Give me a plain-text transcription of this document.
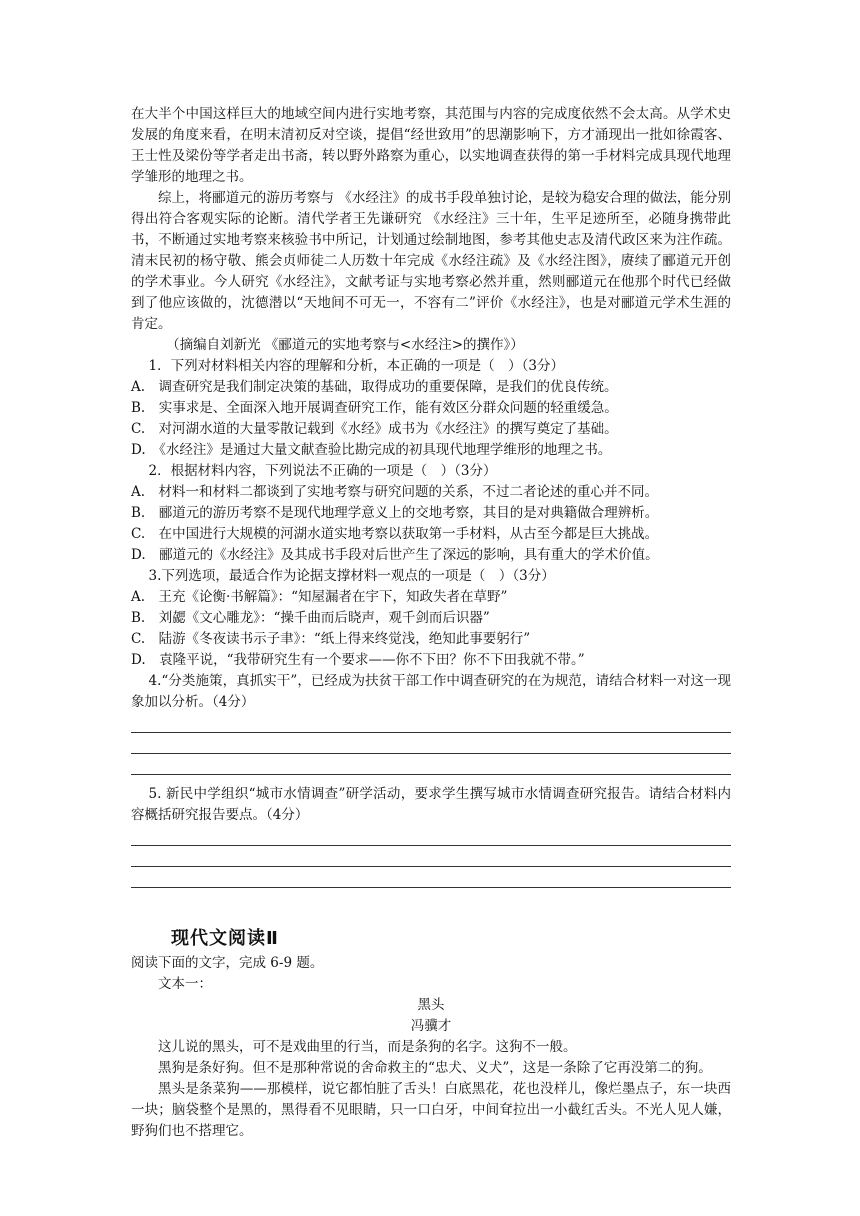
在大半个中国这样巨大的地域空间内进行实地考察，其范围与内容的完成度依然不会太高。从学术史发展的角度来看，在明末清初反对空谈，提倡“经世致用”的思潮影响下，方才涌现出一批如徐霞客、王士性及梁份等学者走出书斋，转以野外路察为重心，以实地调查获得的第一手材料完成具现代地理学雏形的地理之书。

综上，将郦道元的游历考察与 《水经注》的成书手段单独讨论，是较为稳安合理的做法，能分别得出符合客观实际的论断。清代学者王先谦研究 《水经注》三十年，生平足迹所至，必随身携带此书，不断通过实地考察来核验书中所记，计划通过绘制地图，参考其他史志及清代政区来为注作疏。清末民初的杨守敬、熊会贞师徒二人历数十年完成《水经注疏》及《水经注图》，赓续了郦道元开创的学术事业。今人研究《水经注》，文献考证与实地考察必然并重，然则郦道元在他那个时代已经做到了他应该做的，沈德潜以“天地间不可无一，不容有二”评价《水经注》，也是对郦道元学术生涯的肯定。

（摘编自刘新光 《郦道元的实地考察与<水经注>的撰作》）

1．下列对材料相关内容的理解和分析，本正确的一项是（　）（3分）

A.　调查研究是我们制定决策的基础，取得成功的重要保障，是我们的优良传统。

B.　实事求是、全面深入地开展调查研究工作，能有效区分群众问题的轻重缓急。

C.　对河湖水道的大量零散记载到《水经》成书为《水经注》的撰写奠定了基础。

D.　《水经注》是通过大量文献查验比勘完成的初具现代地理学维形的地理之书。

2．根据材料内容，下列说法不正确的一项是（　）（3分）

A.　材料一和材料二都谈到了实地考察与研究问题的关系，不过二者论述的重心并不同。

B.　郦道元的游历考察不是现代地理学意义上的交地考察，其目的是对典籍做合理辨析。

C.　在中国进行大规模的河湖水道实地考察以获取第一手材料，从古至今都是巨大挑战。

D.　郦道元的《水经注》及其成书手段对后世产生了深远的影响，具有重大的学术价值。

3.下列选项，最适合作为论据支撑材料一观点的一项是（　）（3分）

A.　王充《论衡·书解篇》：“知屋漏者在宇下，知政失者在草野”

B.　刘勰《文心雕龙》：“操千曲而后晓声，观千剑而后识器”

C.　陆游《冬夜读书示子聿》：“纸上得来终觉浅，绝知此事要躬行”

D.　袁隆平说，“我带研究生有一个要求——你不下田？你不下田我就不带。”

4.“分类施策，真抓实干”，已经成为扶贫干部工作中调查研究的在为规范，请结合材料一对这一现象加以分析。（4分）

5. 新民中学组织“城市水情调查”研学活动，要求学生撰写城市水情调查研究报告。请结合材料内容概括研究报告要点。（4分）

现代文阅读Ⅱ

阅读下面的文字，完成 6-9 题。

文本一：

黑头

冯骥才

这儿说的黑头，可不是戏曲里的行当，而是条狗的名字。这狗不一般。

黑狗是条好狗。但不是那种常说的舍命救主的“忠犬、义犬”，这是一条除了它再没第二的狗。

黑头是条菜狗——那模样，说它都怕脏了舌头！白底黑花，花也没样儿，像烂墨点子，东一块西一块；脑袋整个是黑的，黑得看不见眼睛，只一口白牙，中间耷拉出一小截红舌头。不光人见人嫌，野狗们也不搭理它。
